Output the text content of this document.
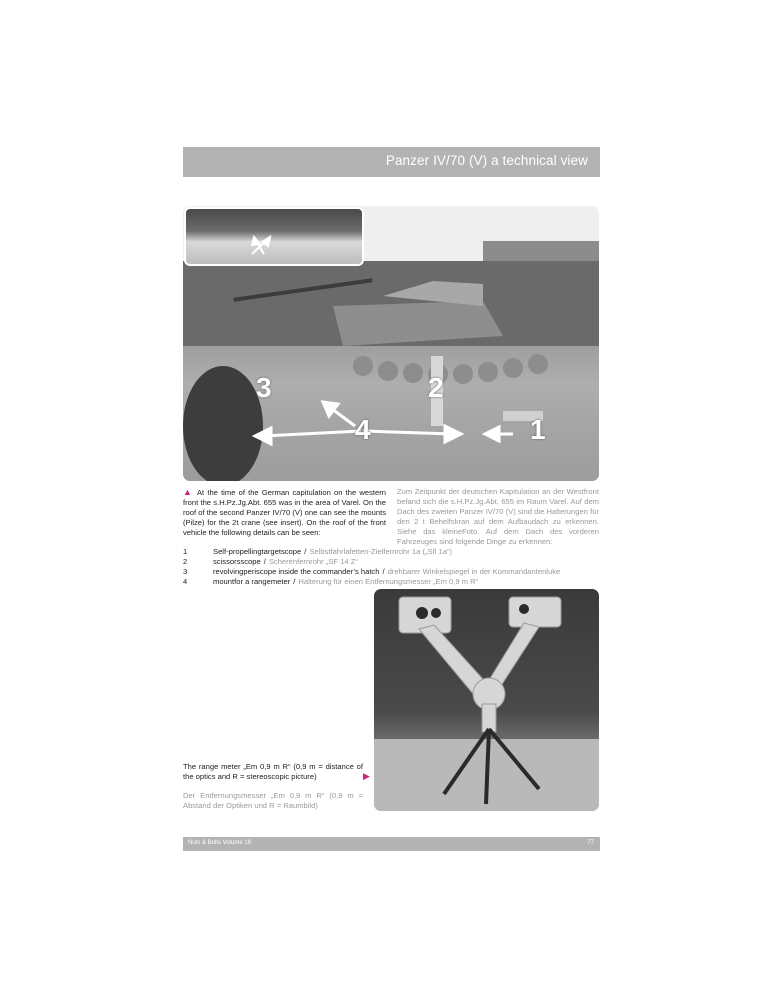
Panzer IV/70 (V) a technical view
3	2
4	1
▲ At the time of the German capitulation on the western front the s.H.Pz.Jg.Abt. 655 was in the area of Varel. On the roof of the second Panzer IV/70 (V) one can see the mounts (Pilze) for the 2t crane (see insert). On the roof of the front vehicle the following details can be seen:
Zum Zeitpunkt der deutschen Kapitulation an der Westfront befand sich die s.H.Pz.Jg.Abt. 655 im Raum Varel. Auf dem Dach des zweiten Panzer IV/70 (V) sind die Halterungen für den 2 t Behelfskran auf dem Aufbaudach zu erkennen. Siehe das kleineFoto. Auf dem Dach des vorderen Fahrzeuges sind folgende Dinge zu erkennen:
1	Self-propellingtargetscope / Selbstfahrlafetten-Zielfernrohr 1a („Sfl 1a“)
2	scissorsscope / Scherenfernrohr „SF 14 Z“
3	revolvingperiscope inside the commander’s hatch / drehbarer Winkelspiegel in der Kommandantenluke
4	mountfor a rangemeter / Halterung für einen Entfernungsmesser „Em 0,9 m R“
The range meter „Em 0,9 m R“ (0,9 m = distance of the optics and R = stereoscopic picture)	▶
Der Entfernungsmesser „Em 0,9 m R“ (0,9 m = Abstand der Optiken und R = Raumbild)
Nuts & Bolts Volume 18	77
